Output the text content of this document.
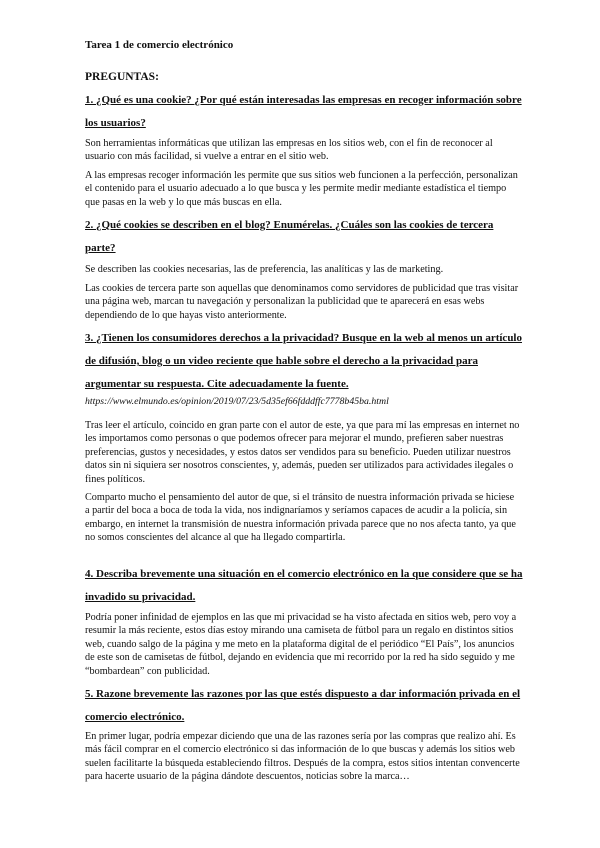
Tarea 1 de comercio electrónico
PREGUNTAS:
1. ¿Qué es una cookie? ¿Por qué están interesadas las empresas en recoger información sobre los usuarios?
Son herramientas informáticas que utilizan las empresas en los sitios web, con el fin de reconocer al usuario con más facilidad, si vuelve a entrar en el sitio web.
A las empresas recoger información les permite que sus sitios web funcionen a la perfección, personalizan el contenido para el usuario adecuado a lo que busca y les permite medir mediante estadística el tiempo que pasas en la web y lo que más buscas en ella.
2. ¿Qué cookies se describen en el blog? Enumérelas. ¿Cuáles son las cookies de tercera parte?
Se describen las cookies necesarias, las de preferencia, las analíticas y las de marketing.
Las cookies de tercera parte son aquellas que denominamos como servidores de publicidad que tras visitar una página web, marcan tu navegación y personalizan la publicidad que te aparecerá en esas webs dependiendo de lo que hayas visto anteriormente.
3. ¿Tienen los consumidores derechos a la privacidad? Busque en la web al menos un artículo de difusión, blog o un video reciente que hable sobre el derecho a la privacidad para argumentar su respuesta. Cite adecuadamente la fuente.
https://www.elmundo.es/opinion/2019/07/23/5d35ef66fdddffc7778b45ba.html
Tras leer el artículo, coincido en gran parte con el autor de este, ya que para mí las empresas en internet no les importamos como personas o que podemos ofrecer para mejorar el mundo, prefieren saber nuestras preferencias, gustos y necesidades, y estos datos ser vendidos para su beneficio. Pueden utilizar nuestros datos sin ni siquiera ser nosotros conscientes, y, además, pueden ser utilizados para actividades ilegales o fines políticos.
Comparto mucho el pensamiento del autor de que, si el tránsito de nuestra información privada se hiciese a partir del boca a boca de toda la vida, nos indignaríamos y seríamos capaces de acudir a la policía, sin embargo, en internet la transmisión de nuestra información privada parece que no nos afecta tanto, ya que no somos conscientes del alcance al que ha llegado compartirla.
4. Describa brevemente una situación en el comercio electrónico en la que considere que se ha invadido su privacidad.
Podría poner infinidad de ejemplos en las que mi privacidad se ha visto afectada en sitios web, pero voy a resumir la más reciente, estos días estoy mirando una camiseta de fútbol para un regalo en distintos sitios web, cuando salgo de la página y me meto en la plataforma digital de el periódico “El País”, los anuncios de este son de camisetas de fútbol, dejando en evidencia que mi recorrido por la red ha sido seguido y me “bombardean” con publicidad.
5. Razone brevemente las razones por las que estés dispuesto a dar información privada en el comercio electrónico.
En primer lugar, podría empezar diciendo que una de las razones sería por las compras que realizo ahí. Es más fácil comprar en el comercio electrónico si das información de lo que buscas y además los sitios web suelen facilitarte la búsqueda estableciendo filtros. Después de la compra, estos sitios intentan convencerte para hacerte usuario de la página dándote descuentos, noticias sobre la marca…
